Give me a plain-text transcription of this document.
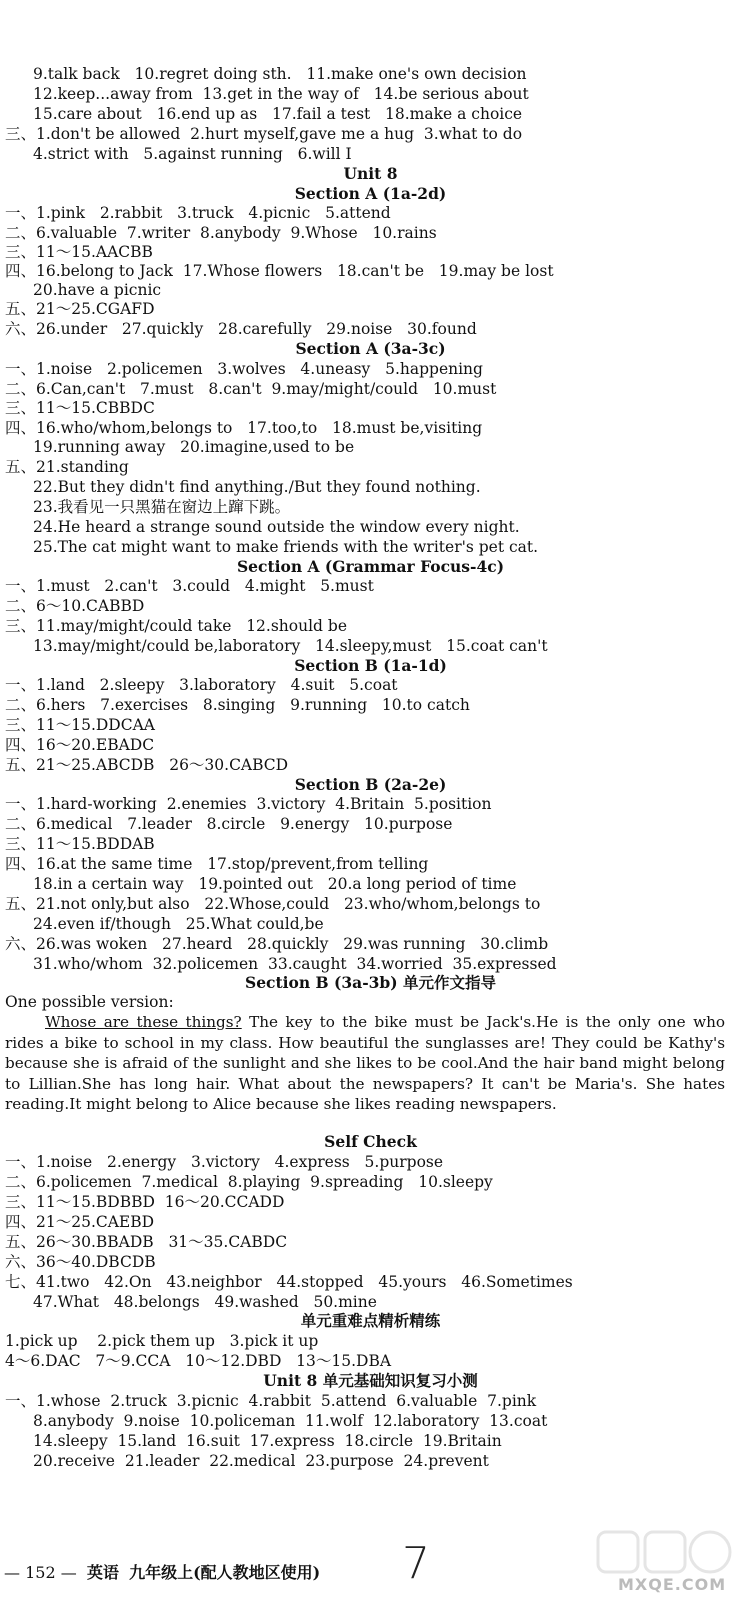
9.talk back   10.regret doing sth.   11.make one's own decision
12.keep...away from  13.get in the way of   14.be serious about
15.care about   16.end up as   17.fail a test   18.make a choice
三、1.don't be allowed  2.hurt myself,gave me a hug  3.what to do
4.strict with   5.against running   6.will I
Unit 8
Section A (1a-2d)
一、1.pink   2.rabbit   3.truck   4.picnic   5.attend
二、6.valuable  7.writer  8.anybody  9.Whose   10.rains
三、11～15.AACBB
四、16.belong to Jack  17.Whose flowers   18.can't be   19.may be lost
20.have a picnic
五、21～25.CGAFD
六、26.under   27.quickly   28.carefully   29.noise   30.found
Section A (3a-3c)
一、1.noise   2.policemen   3.wolves   4.uneasy   5.happening
二、6.Can,can't   7.must   8.can't  9.may/might/could   10.must
三、11～15.CBBDC
四、16.who/whom,belongs to   17.too,to   18.must be,visiting
19.running away   20.imagine,used to be
五、21.standing
22.But they didn't find anything./But they found nothing.
23.我看见一只黑猫在窗边上蹿下跳。
24.He heard a strange sound outside the window every night.
25.The cat might want to make friends with the writer's pet cat.
Section A (Grammar Focus-4c)
一、1.must   2.can't   3.could   4.might   5.must
二、6～10.CABBD
三、11.may/might/could take   12.should be
13.may/might/could be,laboratory   14.sleepy,must   15.coat can't
Section B (1a-1d)
一、1.land   2.sleepy   3.laboratory   4.suit   5.coat
二、6.hers   7.exercises   8.singing   9.running   10.to catch
三、11～15.DDCAA
四、16～20.EBADC
五、21～25.ABCDB   26～30.CABCD
Section B (2a-2e)
一、1.hard-working  2.enemies  3.victory  4.Britain  5.position
二、6.medical   7.leader   8.circle   9.energy   10.purpose
三、11～15.BDDAB
四、16.at the same time   17.stop/prevent,from telling
18.in a certain way   19.pointed out   20.a long period of time
五、21.not only,but also   22.Whose,could   23.who/whom,belongs to
24.even if/though   25.What could,be
六、26.was woken   27.heard   28.quickly   29.was running   30.climb
31.who/whom  32.policemen  33.caught  34.worried  35.expressed
Section B (3a-3b) 单元作文指导
One possible version:

Whose are these things? The key to the bike must be Jack's.He is the only one who rides a bike to school in my class. How beautiful the sunglasses are! They could be Kathy's because she is afraid of the sunlight and she likes to be cool.And the hair band might belong to Lillian.She has long hair. What about the newspapers? It can't be Maria's. She hates reading.It might belong to Alice because she likes reading newspapers.

Self Check
一、1.noise   2.energy   3.victory   4.express   5.purpose
二、6.policemen  7.medical  8.playing  9.spreading   10.sleepy
三、11～15.BDBBD  16～20.CCADD
四、21～25.CAEBD
五、26～30.BBADB   31～35.CABDC
六、36～40.DBCDB
七、41.two   42.On   43.neighbor   44.stopped   45.yours   46.Sometimes
47.What   48.belongs   49.washed   50.mine
单元重难点精析精练
1.pick up    2.pick them up   3.pick it up
4～6.DAC   7～9.CCA   10～12.DBD   13～15.DBA
Unit 8 单元基础知识复习小测
一、1.whose  2.truck  3.picnic  4.rabbit  5.attend  6.valuable  7.pink
8.anybody  9.noise  10.policeman  11.wolf  12.laboratory  13.coat
14.sleepy  15.land  16.suit  17.express  18.circle  19.Britain
20.receive  21.leader  22.medical  23.purpose  24.prevent
— 152 —  英语 九年级上(配人教地区使用) 7	MXQE.COM
